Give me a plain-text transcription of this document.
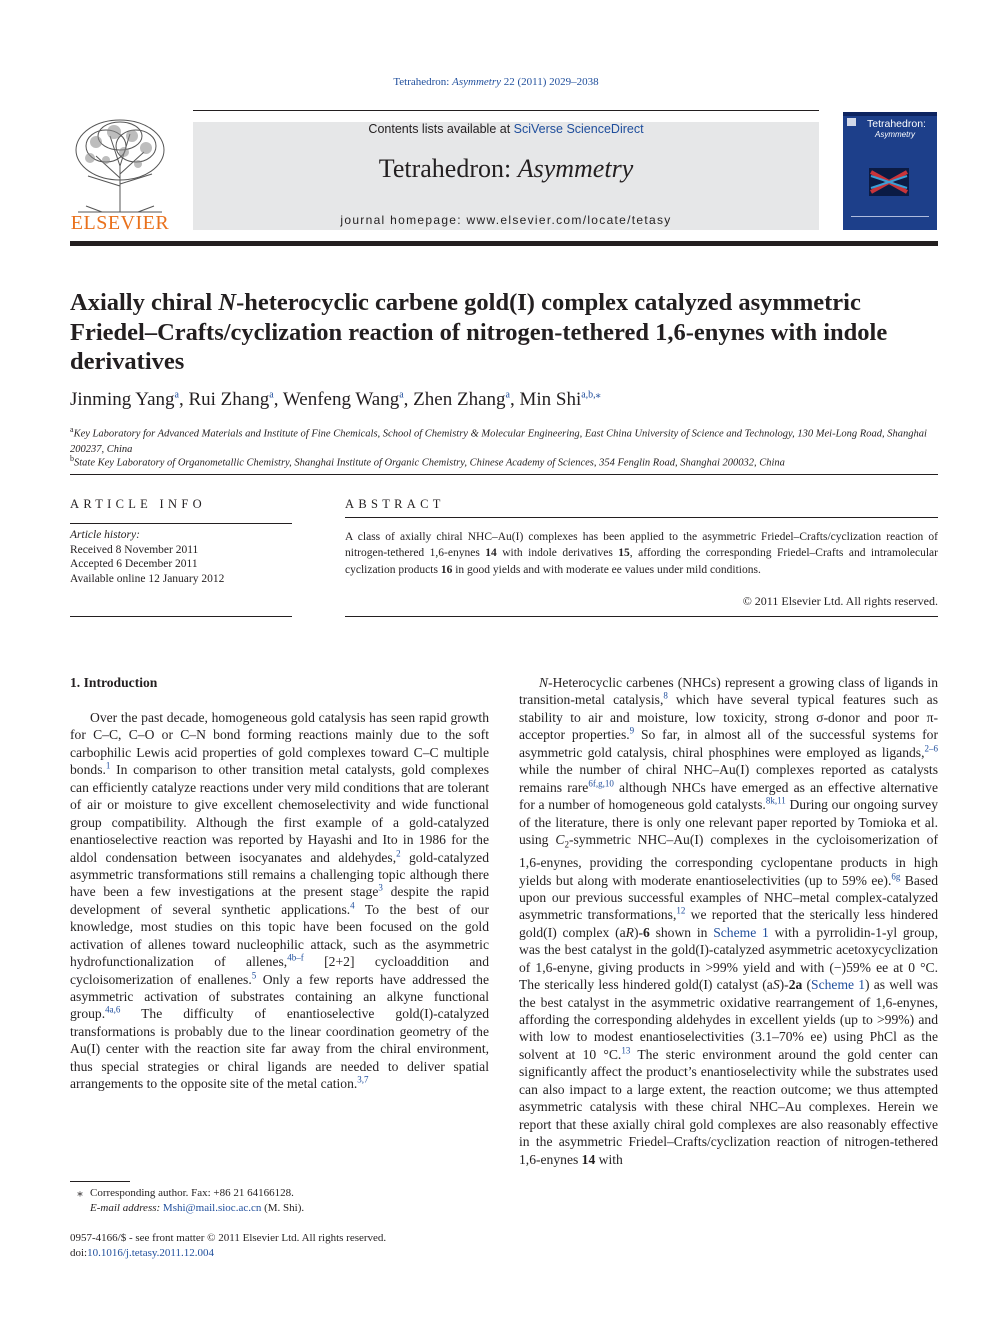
Tetrahedron: Asymmetry 22 (2011) 2029–2038
ELSEVIER
Contents lists available at SciVerse ScienceDirect
Tetrahedron: Asymmetry
journal homepage: www.elsevier.com/locate/tetasy
Tetrahedron:
Asymmetry
Axially chiral N-heterocyclic carbene gold(I) complex catalyzed asymmetric Friedel–Crafts/cyclization reaction of nitrogen-tethered 1,6-enynes with indole derivatives
Jinming Yang$^a$, Rui Zhang$^a$, Wenfeng Wang$^a$, Zhen Zhang$^a$, Min Shi$^{a,b,⁎}$
$^a$Key Laboratory for Advanced Materials and Institute of Fine Chemicals, School of Chemistry & Molecular Engineering, East China University of Science and Technology, 130 Mei-Long Road, Shanghai 200237, China
$^b$State Key Laboratory of Organometallic Chemistry, Shanghai Institute of Organic Chemistry, Chinese Academy of Sciences, 354 Fenglin Road, Shanghai 200032, China
ARTICLE INFO
Article history:
Received 8 November 2011
Accepted 6 December 2011
Available online 12 January 2012
ABSTRACT

A class of axially chiral NHC–Au(I) complexes has been applied to the asymmetric Friedel–Crafts/cyclization reaction of nitrogen-tethered 1,6-enynes 14 with indole derivatives 15, affording the corresponding Friedel–Crafts and intramolecular cyclization products 16 in good yields and with moderate ee values under mild conditions.

© 2011 Elsevier Ltd. All rights reserved.
1. Introduction

Over the past decade, homogeneous gold catalysis has seen rapid growth for C–C, C–O or C–N bond forming reactions mainly due to the soft carbophilic Lewis acid properties of gold complexes toward C–C multiple bonds.$^1$ In comparison to other transition metal catalysts, gold complexes can efficiently catalyze reactions under very mild conditions that are tolerant of air or moisture to give excellent chemoselectivity and wide functional group compatibility. Although the first example of a gold-catalyzed enantioselective reaction was reported by Hayashi and Ito in 1986 for the aldol condensation between isocyanates and aldehydes,$^2$ gold-catalyzed asymmetric transformations still remains a challenging topic although there have been a few investigations at the present stage$^3$ despite the rapid development of several synthetic applications.$^4$ To the best of our knowledge, most studies on this topic have been focused on the gold activation of allenes toward nucleophilic attack, such as the asymmetric hydrofunctionalization of allenes,$^{4b-f}$ [2+2] cycloaddition and cycloisomerization of enallenes.$^5$ Only a few reports have addressed the asymmetric activation of substrates containing an alkyne functional group.$^{4a,6}$ The difficulty of enantioselective gold(I)-catalyzed transformations is probably due to the linear coordination geometry of the Au(I) center with the reaction site far away from the chiral environment, thus special strategies or chiral ligands are needed to deliver spatial arrangements to the opposite site of the metal cation.$^{3,7}$

N-Heterocyclic carbenes (NHCs) represent a growing class of ligands in transition-metal catalysis,$^8$ which have several typical features such as stability to air and moisture, low toxicity, strong σ-donor and poor π-acceptor properties.$^9$ So far, in almost all of the successful systems for asymmetric gold catalysis, chiral phosphines were employed as ligands,$^{2-6}$ while the number of chiral NHC–Au(I) complexes reported as catalysts remains rare$^{6f,g,10}$ although NHCs have emerged as an effective alternative for a number of homogeneous gold catalysts.$^{8k,11}$ During our ongoing survey of the literature, there is only one relevant paper reported by Tomioka et al. using $C_2$-symmetric NHC–Au(I) complexes in the cycloisomerization of 1,6-enynes, providing the corresponding cyclopentane products in high yields but along with moderate enantioselectivities (up to 59% ee).$^{6g}$ Based upon our previous successful examples of NHC–metal complex-catalyzed asymmetric transformations,$^{12}$ we reported that the sterically less hindered gold(I) complex (aR)-6 shown in Scheme 1 with a pyrrolidin-1-yl group, was the best catalyst in the gold(I)-catalyzed asymmetric acetoxycyclization of 1,6-enyne, giving products in >99% yield and with (−)59% ee at 0 °C. The sterically less hindered gold(I) catalyst (aS)-2a (Scheme 1) as well was the best catalyst in the asymmetric oxidative rearrangement of 1,6-enynes, affording the corresponding aldehydes in excellent yields (up to >99%) and with low to modest enantioselectivities (3.1–70% ee) using PhCl as the solvent at 10 °C.$^{13}$ The steric environment around the gold center can significantly affect the product’s enantioselectivity while the substrates used can also impact to a large extent, the reaction outcome; we thus attempted asymmetric catalysis with these chiral NHC–Au complexes. Herein we report that these axially chiral gold complexes are also reasonably effective in the asymmetric Friedel–Crafts/cyclization reaction of nitrogen-tethered 1,6-enynes 14 with

⁎ Corresponding author. Fax: +86 21 64166128.
E-mail address: Mshi@mail.sioc.ac.cn (M. Shi).
0957-4166/$ - see front matter © 2011 Elsevier Ltd. All rights reserved.
doi:10.1016/j.tetasy.2011.12.004
